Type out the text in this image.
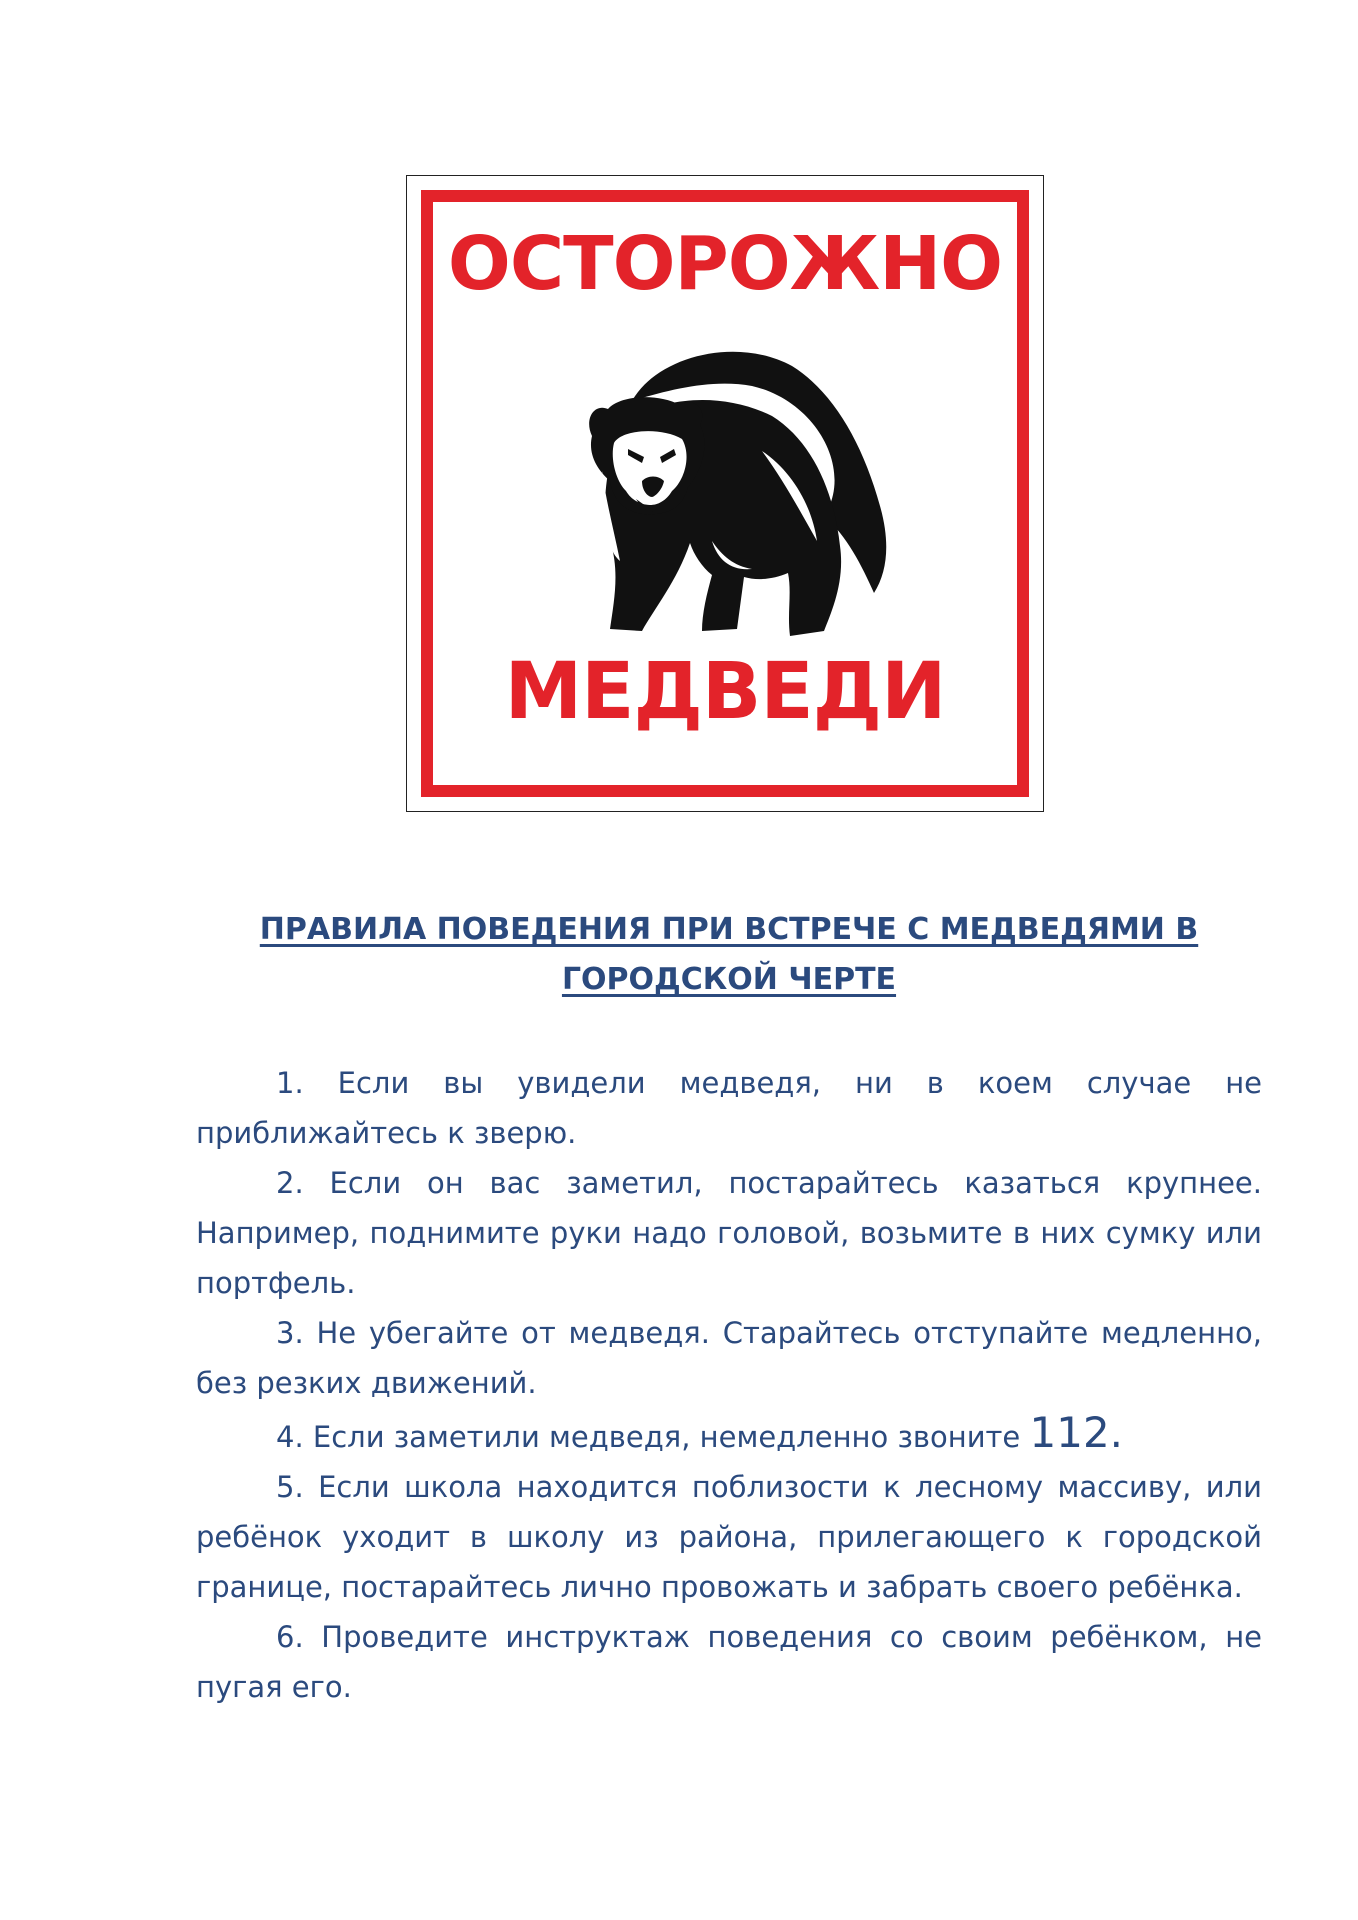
ОСТОРОЖНО
МЕДВЕДИ
ПРАВИЛА ПОВЕДЕНИЯ ПРИ ВСТРЕЧЕ С МЕДВЕДЯМИ В
ГОРОДСКОЙ ЧЕРТЕ

1. Если вы увидели медведя, ни в коем случае не приближайтесь к зверю.

2. Если он вас заметил, постарайтесь казаться крупнее. Например, поднимите руки надо головой, возьмите в них сумку или портфель.

3. Не убегайте от медведя. Старайтесь отступайте медленно, без резких движений.

4. Если заметили медведя, немедленно звоните 112.

5. Если школа находится поблизости к лесному массиву, или ребёнок уходит в школу из района, прилегающего к городской границе, постарайтесь лично провожать и забрать своего ребёнка.

6. Проведите инструктаж поведения со своим ребёнком, не пугая его.
